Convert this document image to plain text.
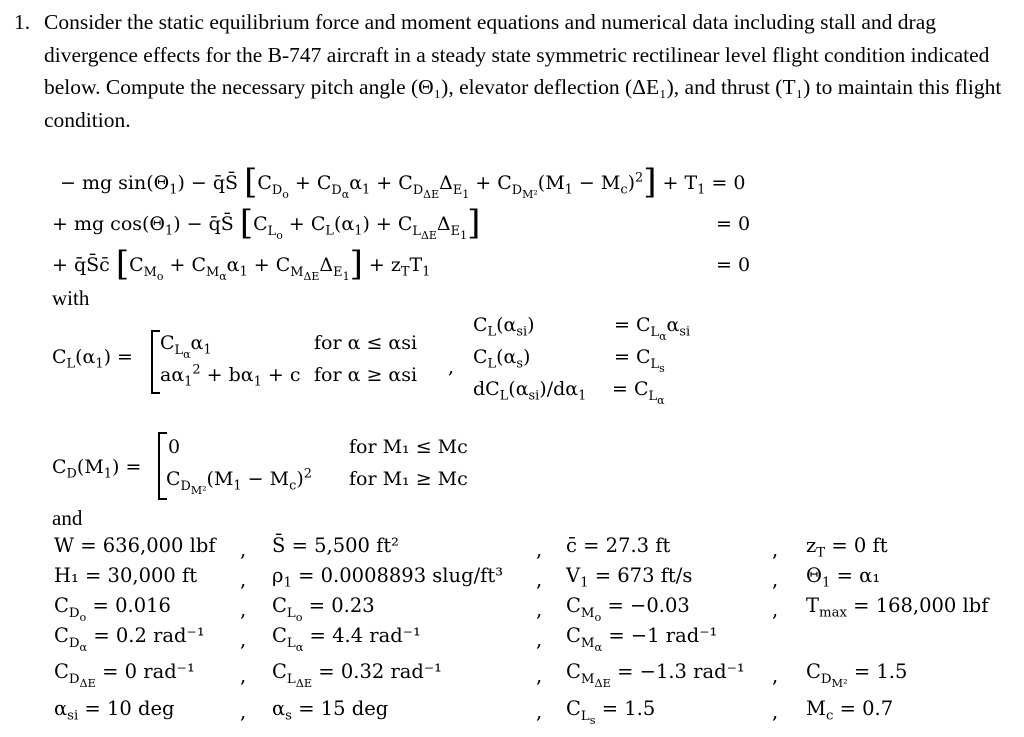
1. Consider the static equilibrium force and moment equations and numerical data including stall and drag divergence effects for the B-747 aircraft in a steady state symmetric rectilinear level flight condition indicated below. Compute the necessary pitch angle (Θ₁), elevator deflection (ΔE₁), and thrust (T₁) to maintain this flight condition.
− mg $\sin(\Theta_1)$ − q̄S̄ $[C_{D_o} + C_{D_\alpha}\alpha_1 + C_{D_{\Delta E}}\Delta_{E_1} + C_{D_{M^2}}(M_1 - M_c)^2] + T_1 = 0$
+ mg $\cos(\Theta_1)$ − q̄S̄ $[C_{L_o} + C_L(\alpha_1) + C_{L_{\Delta E}}\Delta_{E_1}]$	= 0
+ q̄S̄c̄ $[C_{M_o} + C_{M_\alpha}\alpha_1 + C_{M_{\Delta E}}\Delta_{E_1}] + z_TT_1$	= 0
with
$C_L(\alpha_1)$ =
$C_{L_\alpha}\alpha_1$
$a\alpha_1^2 + b\alpha_1 + c$
for α ≤ αsi
for α ≥ αsi ,
$C_L(\alpha_{si})$
$C_L(\alpha_s)$
$dC_L(\alpha_{si})/d\alpha_1$
= $C_{L_\alpha}\alpha_{si}$
= $C_{L_s}$
= $C_{L_\alpha}$
$C_D(M_1)$ =
0
$C_{D_{M^2}}(M_1 - M_c)^2$
for M₁ ≤ Mc
for M₁ ≥ Mc
and
W = 636,000 lbf
H₁ = 30,000 ft
$C_{D_o} = 0.016$
$C_{D_\alpha} = 0.2$ rad⁻¹
$C_{D_{\Delta E}} = 0$ rad⁻¹
$\alpha_{si} = 10$ deg
,
,
,
,
,
,
S̄ = 5,500 ft²
$\rho_1 = 0.0008893$ slug/ft³
$C_{L_o} = 0.23$
$C_{L_\alpha} = 4.4$ rad⁻¹
$C_{L_{\Delta E}} = 0.32$ rad⁻¹
$\alpha_s = 15$ deg
,
,
,
,
,
,
c̄ = 27.3 ft
$V_1 = 673$ ft/s
$C_{M_o} = -0.03$
$C_{M_\alpha} = -1$ rad⁻¹
$C_{M_{\Delta E}} = -1.3$ rad⁻¹
$C_{L_s} = 1.5$
,
,
,
,
,
$z_T = 0$ ft
$\Theta_1 = \alpha_1$
$T_{max} = 168,000$ lbf
$C_{D_{M^2}} = 1.5$
$M_c = 0.7$
